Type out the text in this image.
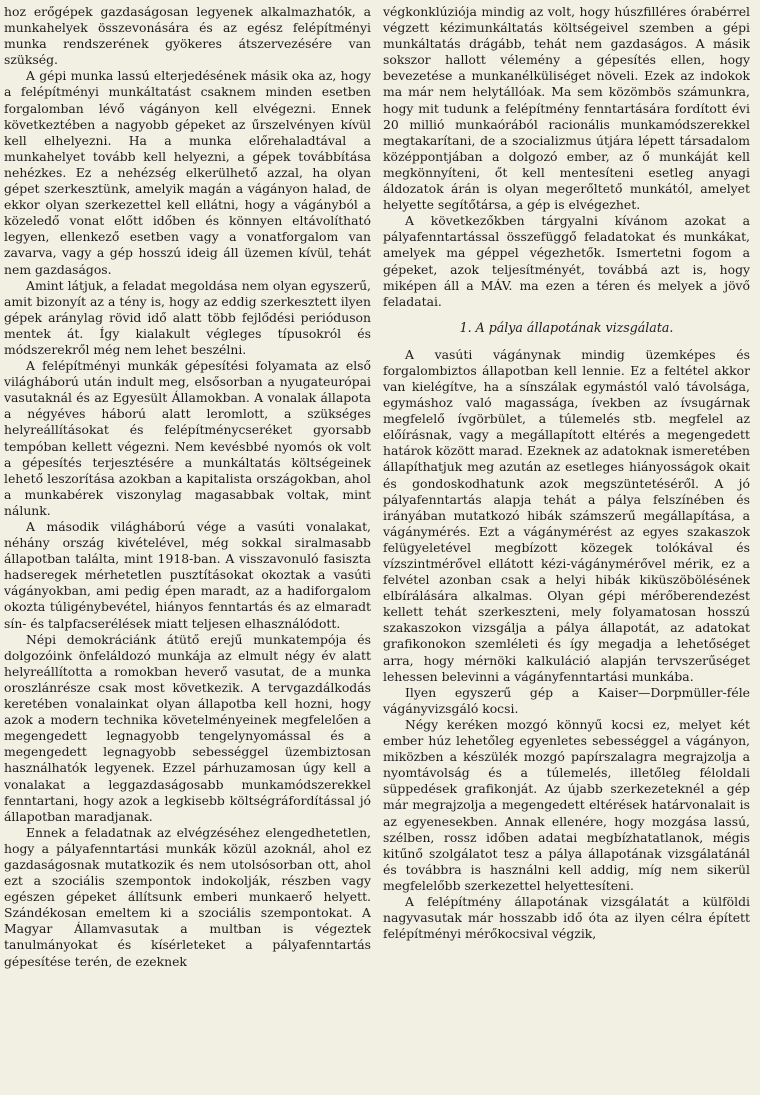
hoz erőgépek gazdaságosan legyenek alkalmazhatók, a munkahelyek összevonására és az egész felépítményi munka rendszerének gyökeres átszervezésére van szükség.

A gépi munka lassú elterjedésének másik oka az, hogy a felépítményi munkáltatást csaknem minden esetben forgalomban lévő vágányon kell elvégezni. Ennek következtében a nagyobb gépeket az űrszelvényen kívül kell elhelyezni. Ha a munka előrehaladtával a munkahelyet tovább kell helyezni, a gépek továbbítása nehézkes. Ez a nehézség elkerülhető azzal, ha olyan gépet szerkesztünk, amelyik magán a vágányon halad, de ekkor olyan szerkezettel kell ellátni, hogy a vágányból a közeledő vonat előtt időben és könnyen eltávolítható legyen, ellenkező esetben vagy a vonatforgalom van zavarva, vagy a gép hosszú ideig áll üzemen kívül, tehát nem gazdaságos.

Amint látjuk, a feladat megoldása nem olyan egyszerű, amit bizonyít az a tény is, hogy az eddig szerkesztett ilyen gépek aránylag rövid idő alatt több fejlődési perióduson mentek át. Így kialakult végleges típusokról és módszerekről még nem lehet beszélni.

A felépítményi munkák gépesítési folyamata az első világháború után indult meg, elsősorban a nyugateurópai vasutaknál és az Egyesült Államokban. A vonalak állapota a négyéves háború alatt leromlott, a szükséges helyreállításokat és felépítménycseréket gyorsabb tempóban kellett végezni. Nem kevésbbé nyomós ok volt a gépesítés terjesztésére a munkáltatás költségeinek lehető leszorítása azokban a kapitalista országokban, ahol a munkabérek viszonylag magasabbak voltak, mint nálunk.

A második világháború vége a vasúti vonalakat, néhány ország kivételével, még sokkal siralmasabb állapotban találta, mint 1918-ban. A visszavonuló fasiszta hadseregek mérhetetlen pusztításokat okoztak a vasúti vágányokban, ami pedig épen maradt, az a hadiforgalom okozta túligénybevétel, hiányos fenntartás és az elmaradt sín- és talpfacserélések miatt teljesen elhasználódott.

Népi demokráciánk átütő erejű munkatempója és dolgozóink önfeláldozó munkája az elmult négy év alatt helyreállította a romokban heverő vasutat, de a munka oroszlánrésze csak most következik. A tervgazdálkodás keretében vonalainkat olyan állapotba kell hozni, hogy azok a modern technika követelményeinek megfelelően a megengedett legnagyobb tengelynyomással és a megengedett legnagyobb sebességgel üzembiztosan használhatók legyenek. Ezzel párhuzamosan úgy kell a vonalakat a leggazdaságosabb munkamódszerekkel fenntartani, hogy azok a legkisebb költségráfordítással jó állapotban maradjanak.

Ennek a feladatnak az elvégzéséhez elengedhetetlen, hogy a pályafenntartási munkák közül azoknál, ahol ez gazdaságosnak mutatkozik és nem utolsósorban ott, ahol ezt a szociális szempontok indokolják, részben vagy egészen gépeket állítsunk emberi munkaerő helyett. Szándékosan emeltem ki a szociális szempontokat. A Magyar Államvasutak a multban is végeztek tanulmányokat és kísérleteket a pályafenntartás gépesítése terén, de ezeknek

végkonklúziója mindig az volt, hogy húszfilléres órabérrel végzett kézimunkáltatás költségeivel szemben a gépi munkáltatás drágább, tehát nem gazdaságos. A másik sokszor hallott vélemény a gépesítés ellen, hogy bevezetése a munkanélküliséget növeli. Ezek az indokok ma már nem helytállóak. Ma sem közömbös számunkra, hogy mit tudunk a felépítmény fenntartására fordított évi 20 millió munkaórából racionális munkamódszerekkel megtakarítani, de a szocializmus útjára lépett társadalom középpontjában a dolgozó ember, az ő munkáját kell megkönnyíteni, őt kell mentesíteni esetleg anyagi áldozatok árán is olyan megerőltető munkától, amelyet helyette segítőtársa, a gép is elvégezhet.

A következőkben tárgyalni kívánom azokat a pályafenntartással összefüggő feladatokat és munkákat, amelyek ma géppel végezhetők. Ismertetni fogom a gépeket, azok teljesítményét, továbbá azt is, hogy miképen áll a MÁV. ma ezen a téren és melyek a jövő feladatai.

1. A pálya állapotának vizsgálata.

A vasúti vágánynak mindig üzemképes és forgalombiztos állapotban kell lennie. Ez a feltétel akkor van kielégítve, ha a sínszálak egymástól való távolsága, egymáshoz való magassága, ívekben az ívsugárnak megfelelő ívgörbület, a túlemelés stb. megfelel az előírásnak, vagy a megállapított eltérés a megengedett határok között marad. Ezeknek az adatoknak ismeretében állapíthatjuk meg azután az esetleges hiányosságok okait és gondoskodhatunk azok megszüntetéséről. A jó pályafenntartás alapja tehát a pálya felszínében és irányában mutatkozó hibák számszerű megállapítása, a vágánymérés. Ezt a vágánymérést az egyes szakaszok felügyeletével megbízott közegek tolókával és vízszintmérővel ellátott kézi-vágánymérővel mérik, ez a felvétel azonban csak a helyi hibák kiküszöbölésének elbírálására alkalmas. Olyan gépi mérőberendezést kellett tehát szerkeszteni, mely folyamatosan hosszú szakaszokon vizsgálja a pálya állapotát, az adatokat grafikonokon szemléleti és így megadja a lehetőséget arra, hogy mérnöki kalkuláció alapján tervszerűséget lehessen belevinni a vágányfenntartási munkába.

Ilyen egyszerű gép a Kaiser—Dorpmüller-féle vágányvizsgáló kocsi.

Négy keréken mozgó könnyű kocsi ez, melyet két ember húz lehetőleg egyenletes sebességgel a vágányon, miközben a készülék mozgó papírszalagra megrajzolja a nyomtávolság és a túlemelés, illetőleg féloldali süppedések grafikonját. Az újabb szerkezeteknél a gép már megrajzolja a megengedett eltérések határvonalait is az egyenesekben. Annak ellenére, hogy mozgása lassú, szélben, rossz időben adatai megbízhatatlanok, mégis kitűnő szolgálatot tesz a pálya állapotának vizsgálatánál és továbbra is használni kell addig, míg nem sikerül megfelelőbb szerkezettel helyettesíteni.

A felépítmény állapotának vizsgálatát a külföldi nagyvasutak már hosszabb idő óta az ilyen célra épített felépítményi mérőkocsival végzik,
